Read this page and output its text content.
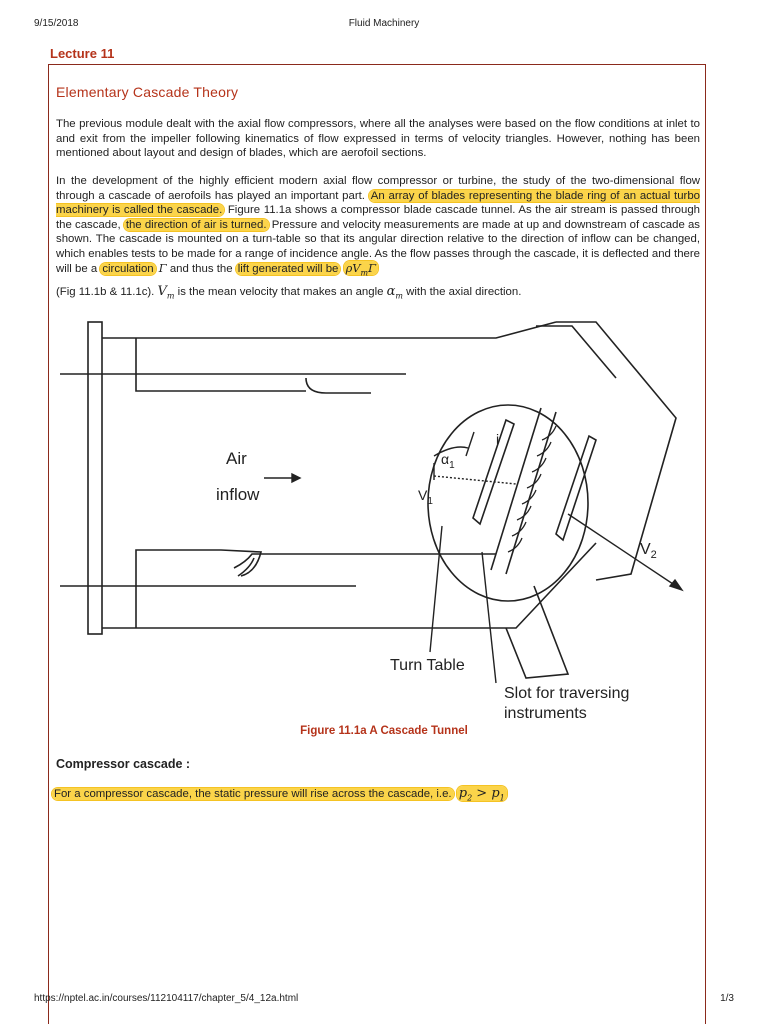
9/15/2018	Fluid Machinery
Lecture 11
Elementary Cascade Theory
The previous module dealt with the axial flow compressors, where all the analyses were based on the flow conditions at inlet to and exit from the impeller following kinematics of flow expressed in terms of velocity triangles. However, nothing has been mentioned about layout and design of blades, which are aerofoil sections.
In the development of the highly efficient modern axial flow compressor or turbine, the study of the two-dimensional flow through a cascade of aerofoils has played an important part. An array of blades representing the blade ring of an actual turbo machinery is called the cascade. Figure 11.1a shows a compressor blade cascade tunnel. As the air stream is passed through the cascade, the direction of air is turned. Pressure and velocity measurements are made at up and downstream of cascade as shown. The cascade is mounted on a turn-table so that its angular direction relative to the direction of inflow can be changed, which enables tests to be made for a range of incidence angle. As the flow passes through the cascade, it is deflected and there will be a circulation Γ and thus the lift generated will be $\rho V_m\Gamma$
(Fig 11.1b & 11.1c). $V_m$ is the mean velocity that makes an angle $\alpha_m$ with the axial direction.
Air
inflow
$\alpha_1$
i
$V_1$
$V_2$
Turn Table
Slot for traversing
instruments
Figure 11.1a A Cascade Tunnel
Compressor cascade :
For a compressor cascade, the static pressure will rise across the cascade, i.e. $p_2 > p_1$
https://nptel.ac.in/courses/112104117/chapter_5/4_12a.html	1/3
